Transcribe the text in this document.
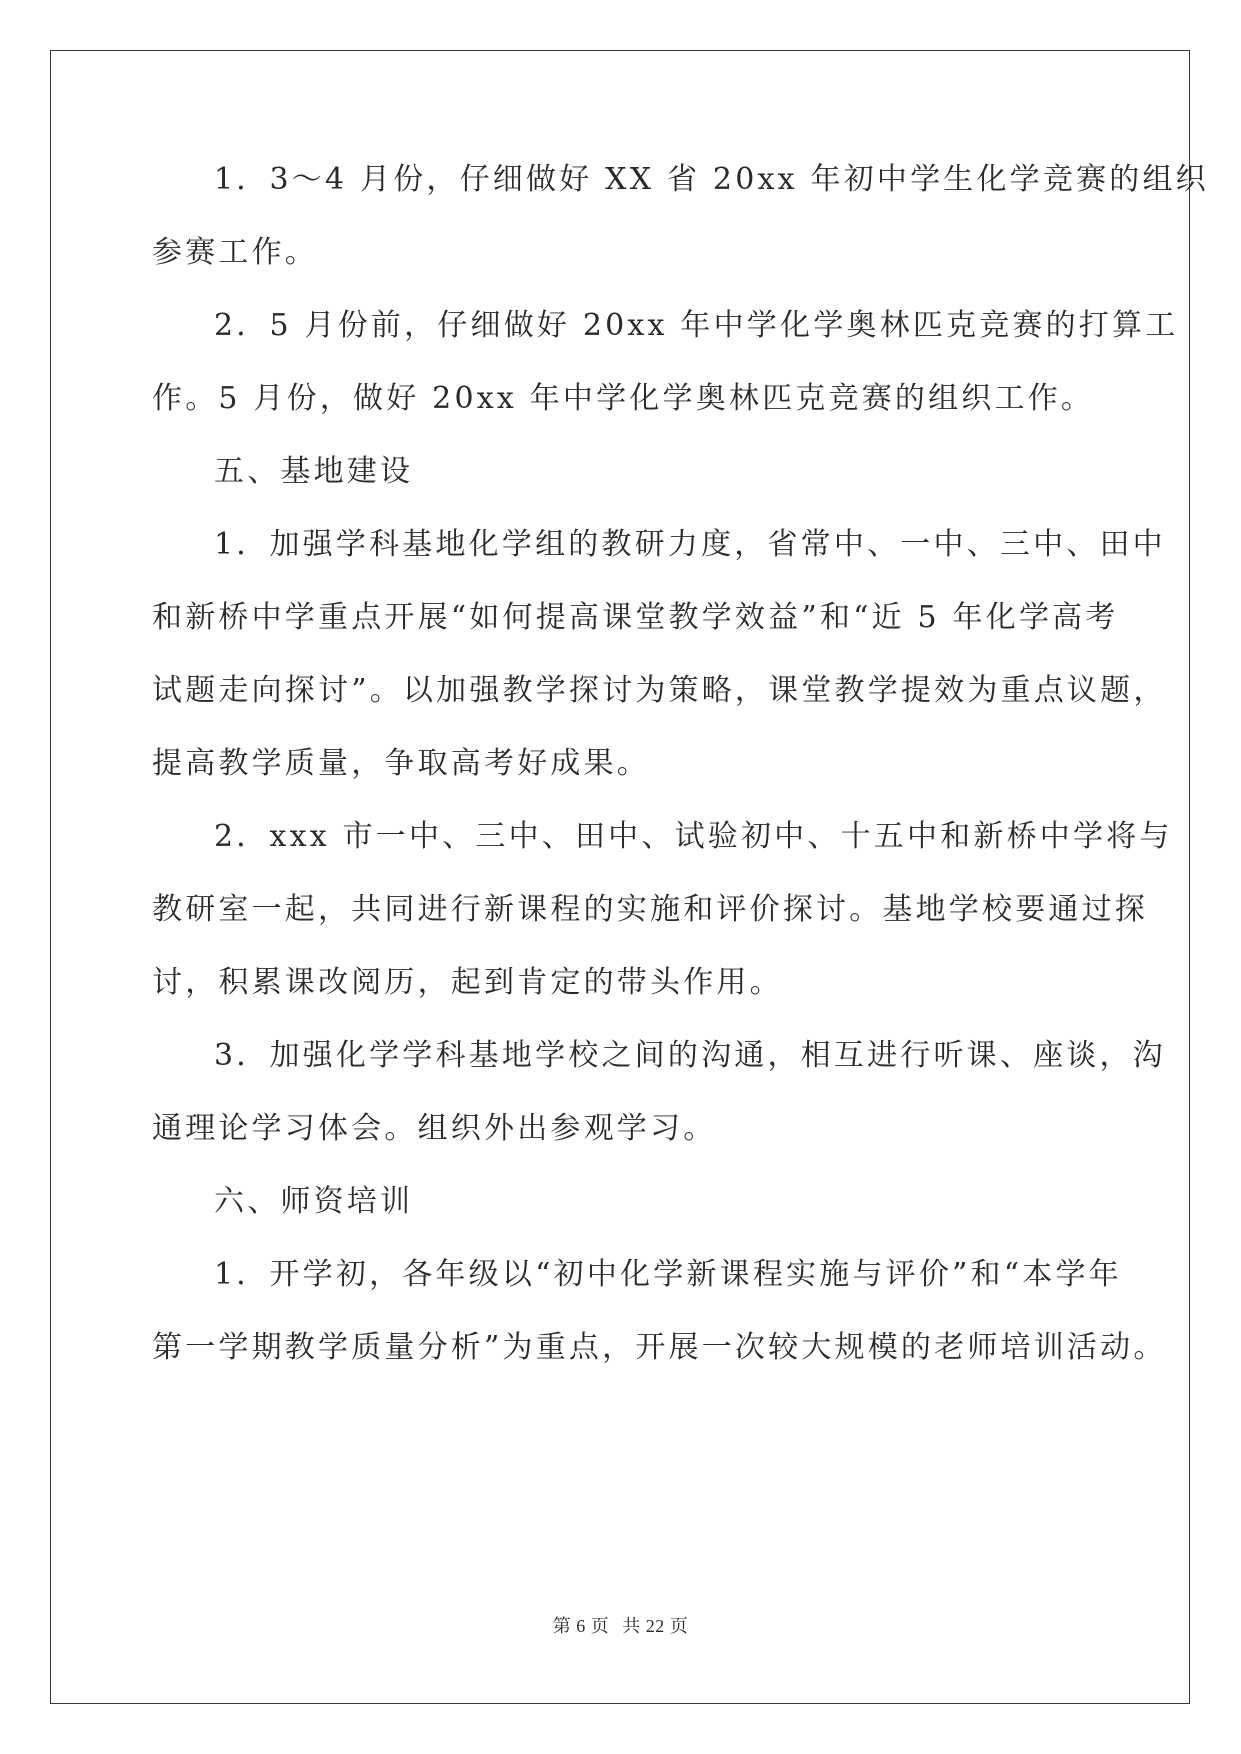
1．3～4 月份，仔细做好 XX 省 20xx 年初中学生化学竞赛的组织
参赛工作。
2．5 月份前，仔细做好 20xx 年中学化学奥林匹克竞赛的打算工
作。5 月份，做好 20xx 年中学化学奥林匹克竞赛的组织工作。
五、基地建设
1．加强学科基地化学组的教研力度，省常中、一中、三中、田中
和新桥中学重点开展“如何提高课堂教学效益”和“近 5 年化学高考
试题走向探讨”。以加强教学探讨为策略，课堂教学提效为重点议题，
提高教学质量，争取高考好成果。
2．xxx 市一中、三中、田中、试验初中、十五中和新桥中学将与
教研室一起，共同进行新课程的实施和评价探讨。基地学校要通过探
讨，积累课改阅历，起到肯定的带头作用。
3．加强化学学科基地学校之间的沟通，相互进行听课、座谈，沟
通理论学习体会。组织外出参观学习。
六、师资培训
1．开学初，各年级以“初中化学新课程实施与评价”和“本学年
第一学期教学质量分析”为重点，开展一次较大规模的老师培训活动。
第 6 页 共 22 页
